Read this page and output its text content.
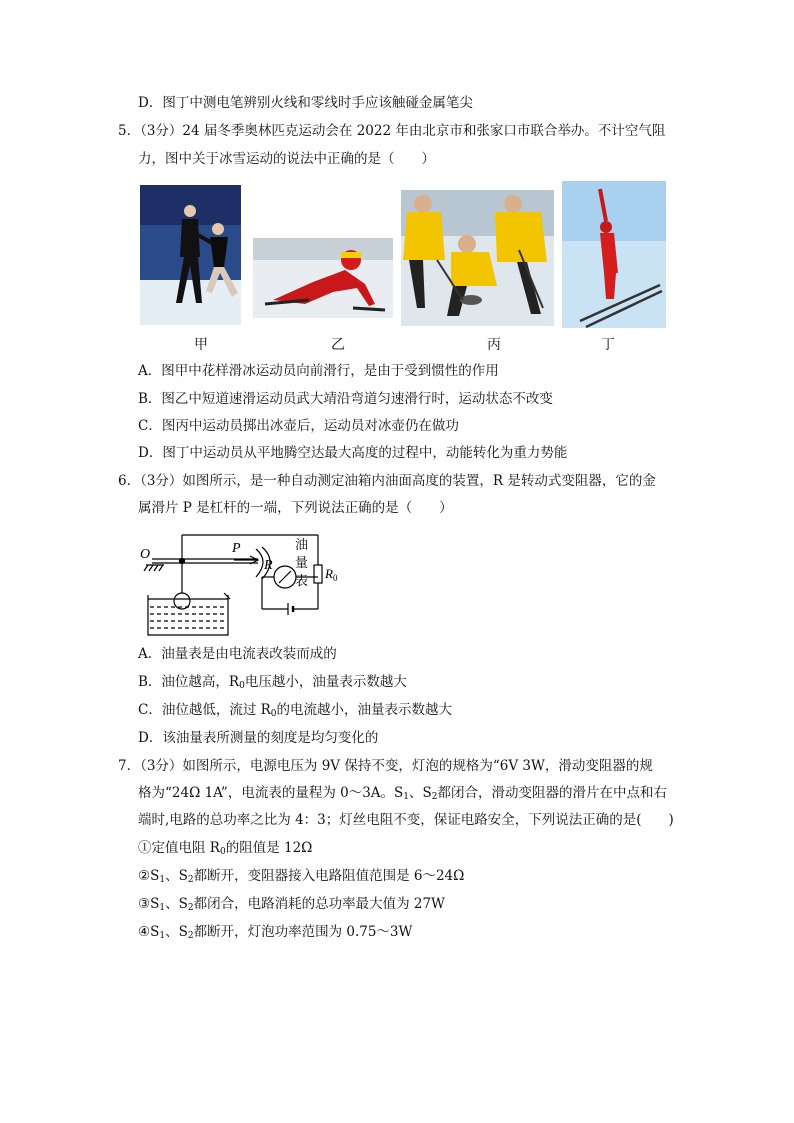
D．图丁中测电笔辨别火线和零线时手应该触碰金属笔尖
5．（3分）24 届冬季奥林匹克运动会在 2022 年由北京市和张家口市联合举办。不计空气阻
力，图中关于冰雪运动的说法中正确的是（　　）
甲	乙	丙	丁
A．图甲中花样滑冰运动员向前滑行，是由于受到惯性的作用
B．图乙中短道速滑运动员武大靖沿弯道匀速滑行时，运动状态不改变
C．图丙中运动员掷出冰壶后，运动员对冰壶仍在做功
D．图丁中运动员从平地腾空达最大高度的过程中，动能转化为重力势能
6．（3分）如图所示，是一种自动测定油箱内油面高度的装置，R 是转动式变阻器，它的金
属滑片 P 是杠杆的一端，下列说法正确的是（　　）
O	P
R
油
量
表 $R_0$
A．油量表是由电流表改装而成的
B．油位越高，$R_0$电压越小，油量表示数越大
C．油位越低，流过 $R_0$的电流越小，油量表示数越大
D．该油量表所测量的刻度是均匀变化的
7．（3分）如图所示，电源电压为 9V 保持不变，灯泡的规格为“6V 3W，滑动变阻器的规
格为“24Ω 1A”，电流表的量程为 0～3A。$S_1$、$S_2$都闭合，滑动变阻器的滑片在中点和右
端时,电路的总功率之比为 4：3；灯丝电阻不变，保证电路安全，下列说法正确的是(　　)
①定值电阻 $R_0$的阻值是 12Ω
$②S_1$、$S_2$都断开，变阻器接入电路阻值范围是 6～24Ω
$③S_1$、$S_2$都闭合，电路消耗的总功率最大值为 27W
$④S_1$、$S_2$都断开，灯泡功率范围为 0.75～3W
